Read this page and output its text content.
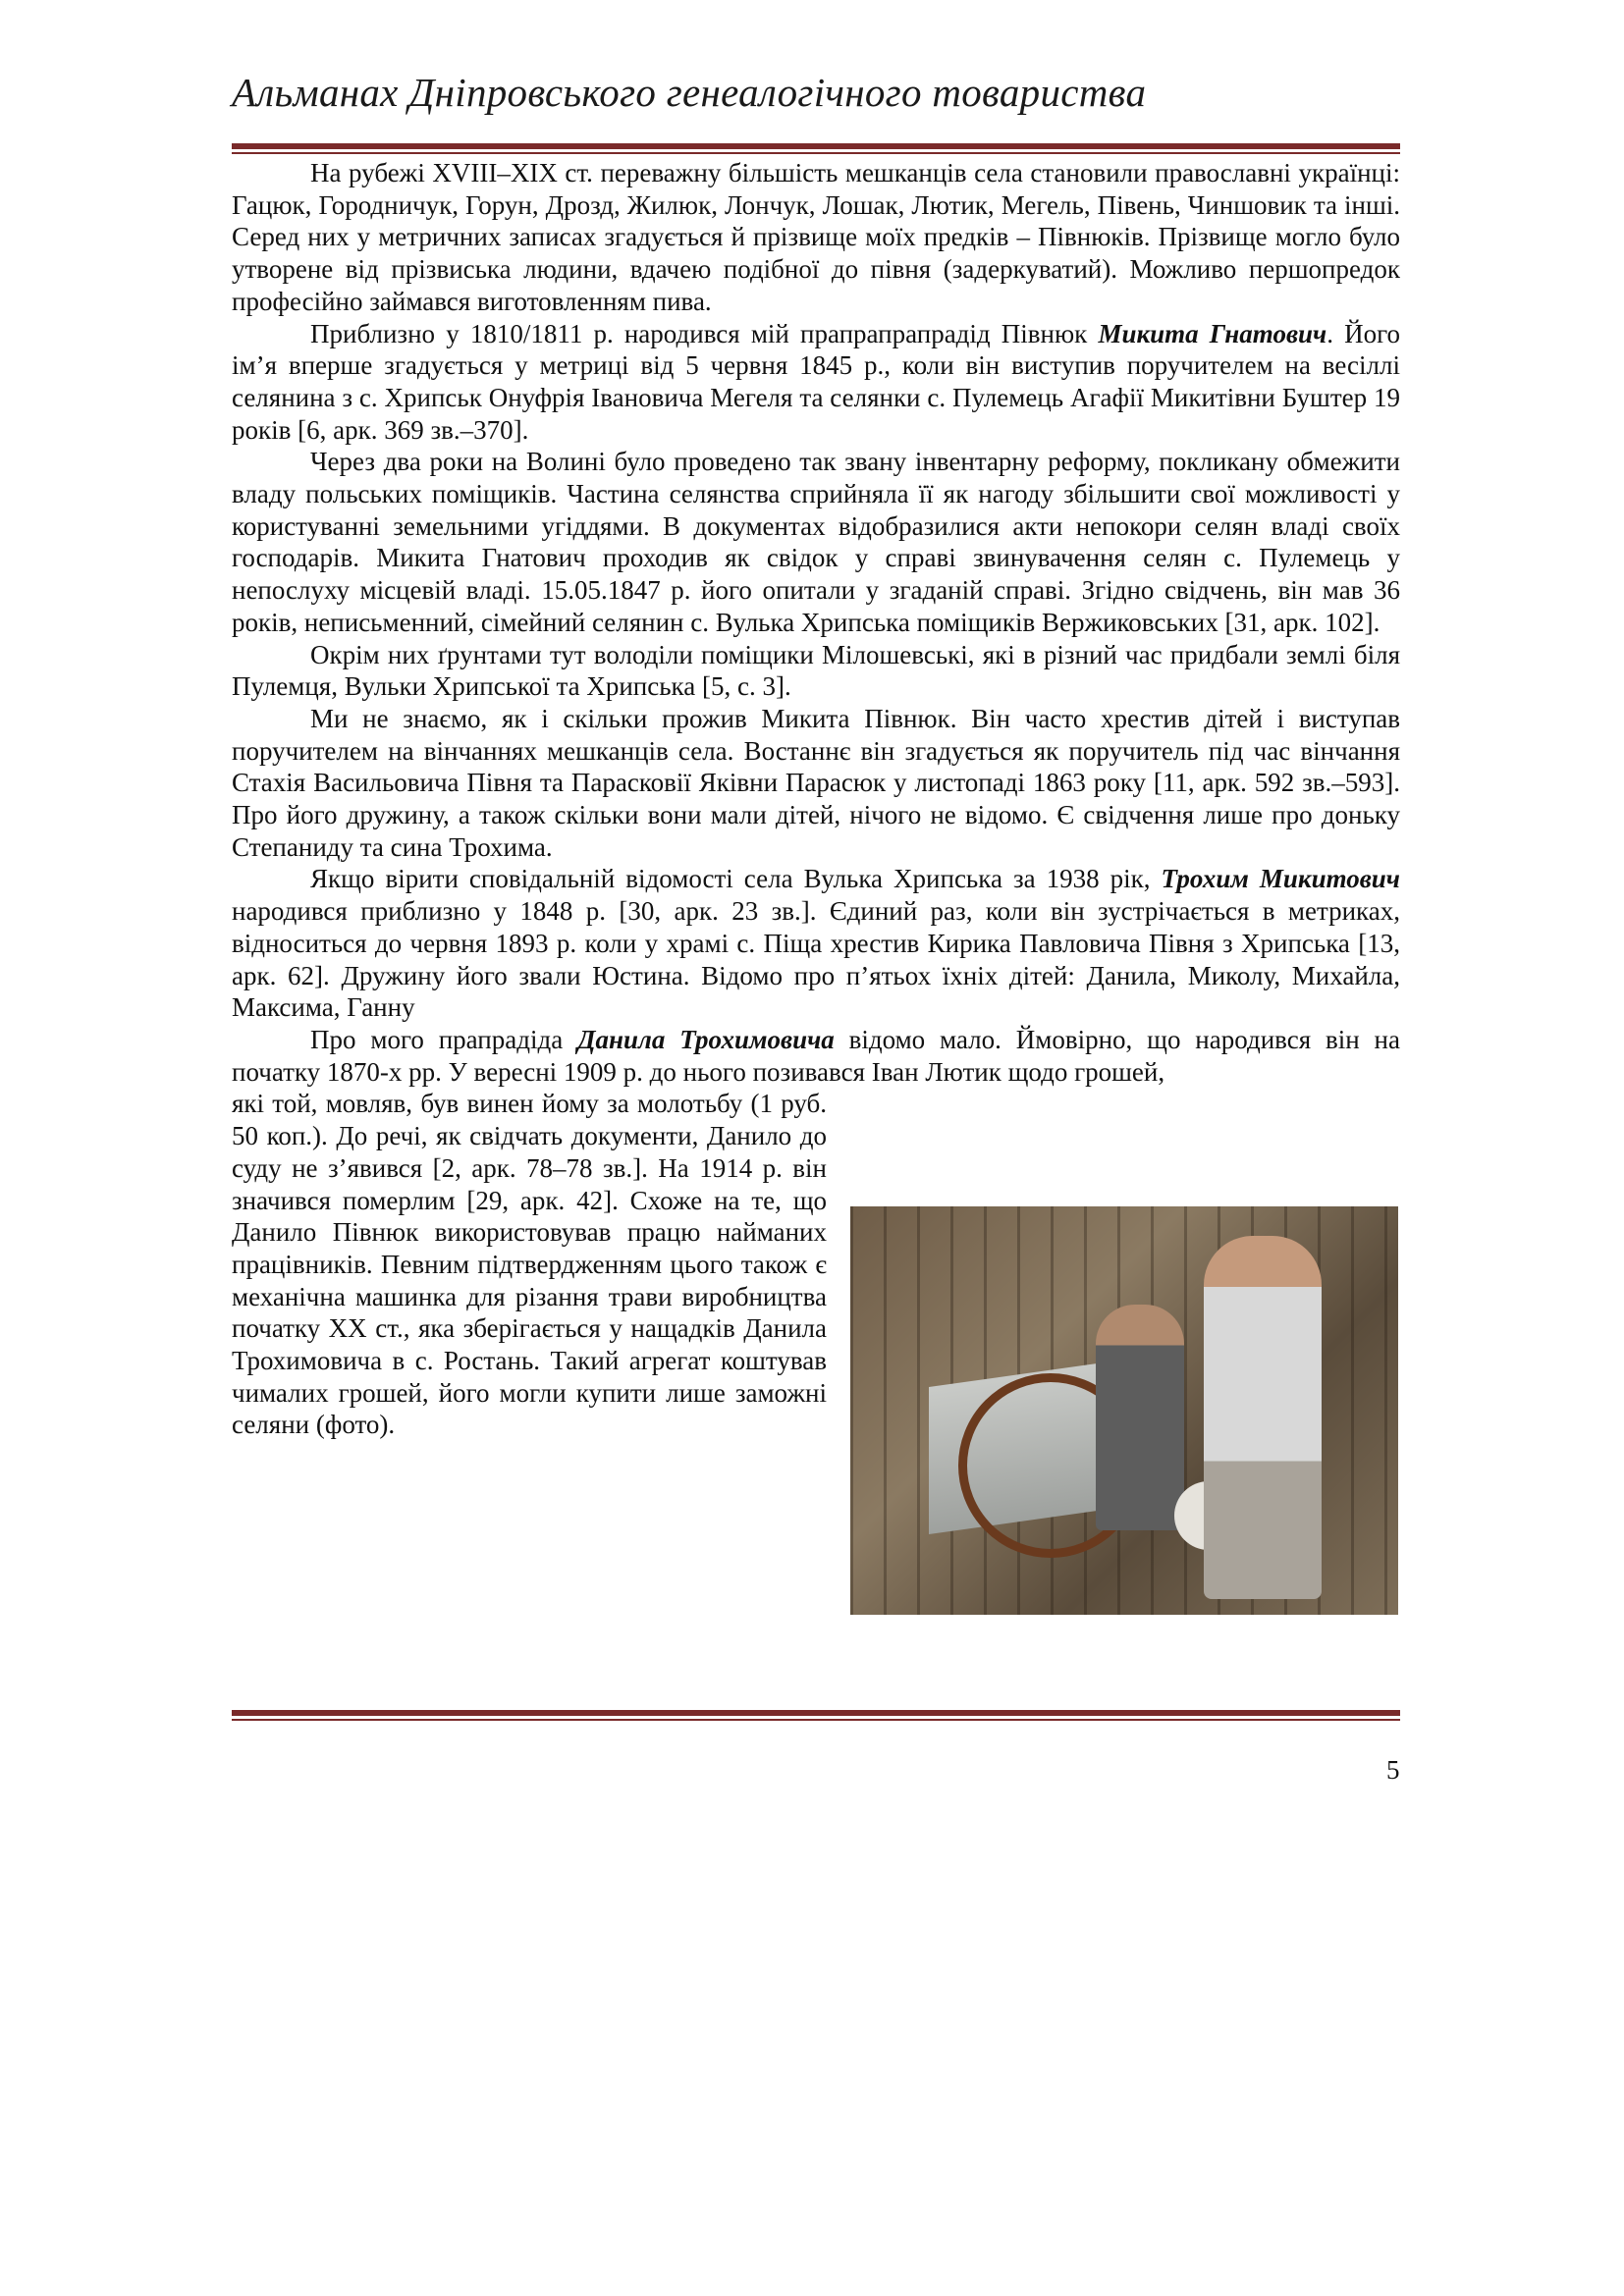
Альманах Дніпровського генеалогічного товариства

На рубежі XVIII–XIX ст. переважну більшість мешканців села становили православні українці: Гацюк, Городничук, Горун, Дрозд, Жилюк, Лончук, Лошак, Лютик, Мегель, Півень, Чиншовик та інші. Серед них у метричних записах згадується й прізвище моїх предків – Півнюків. Прізвище могло було утворене від прізвиська людини, вдачею подібної до півня (задеркуватий). Можливо першопредок професійно займався виготовленням пива.

Приблизно у 1810/1811 р. народився мій прапрапрапрадід Півнюк Микита Гнатович. Його ім’я вперше згадується у метриці від 5 червня 1845 р., коли він виступив поручителем на весіллі селянина з с. Хрипськ Онуфрія Івановича Мегеля та селянки с. Пулемець Агафії Микитівни Буштер 19 років [6, арк. 369 зв.–370].

Через два роки на Волині було проведено так звану інвентарну реформу, покликану обмежити владу польських поміщиків. Частина селянства сприйняла її як нагоду збільшити свої можливості у користуванні земельними угіддями. В документах відобразилися акти непокори селян владі своїх господарів. Микита Гнатович проходив як свідок у справі звинувачення селян с. Пулемець у непослуху місцевій владі. 15.05.1847 р. його опитали у згаданій справі. Згідно свідчень, він мав 36 років, неписьменний, сімейний селянин с. Вулька Хрипська поміщиків Вержиковських [31, арк. 102].

Окрім них ґрунтами тут володіли поміщики Мілошевські, які в різний час придбали землі біля Пулемця, Вульки Хрипської та Хрипська [5, с. 3].

Ми не знаємо, як і скільки прожив Микита Півнюк. Він часто хрестив дітей і виступав поручителем на вінчаннях мешканців села. Востаннє він згадується як поручитель під час вінчання Стахія Васильовича Півня та Парасковії Яківни Парасюк у листопаді 1863 року [11, арк. 592 зв.–593]. Про його дружину, а також скільки вони мали дітей, нічого не відомо. Є свідчення лише про доньку Степаниду та сина Трохима.

Якщо вірити сповідальній відомості села Вулька Хрипська за 1938 рік, Трохим Микитович народився приблизно у 1848 р. [30, арк. 23 зв.]. Єдиний раз, коли він зустрічається в метриках, відноситься до червня 1893 р. коли у храмі с. Піща хрестив Кирика Павловича Півня з Хрипська [13, арк. 62]. Дружину його звали Юстина. Відомо про п’ятьох їхніх дітей: Данила, Миколу, Михайла, Максима, Ганну

Про мого прапрадіда Данила Трохимовича відомо мало. Ймовірно, що народився він на початку 1870-х рр. У вересні 1909 р. до нього позивався Іван Лютик щодо грошей,

які той, мовляв, був винен йому за молотьбу (1 руб. 50 коп.). До речі, як свідчать документи, Данило до суду не з’явився [2, арк. 78–78 зв.]. На 1914 р. він значився померлим [29, арк. 42]. Схоже на те, що Данило Півнюк використовував працю найманих працівників. Певним підтвердженням цього також є механічна машинка для різання трави виробництва початку XX ст., яка зберігається у нащадків Данила Трохимовича в с. Ростань. Такий агрегат коштував чималих грошей, його могли купити лише заможні селяни (фото).

5
